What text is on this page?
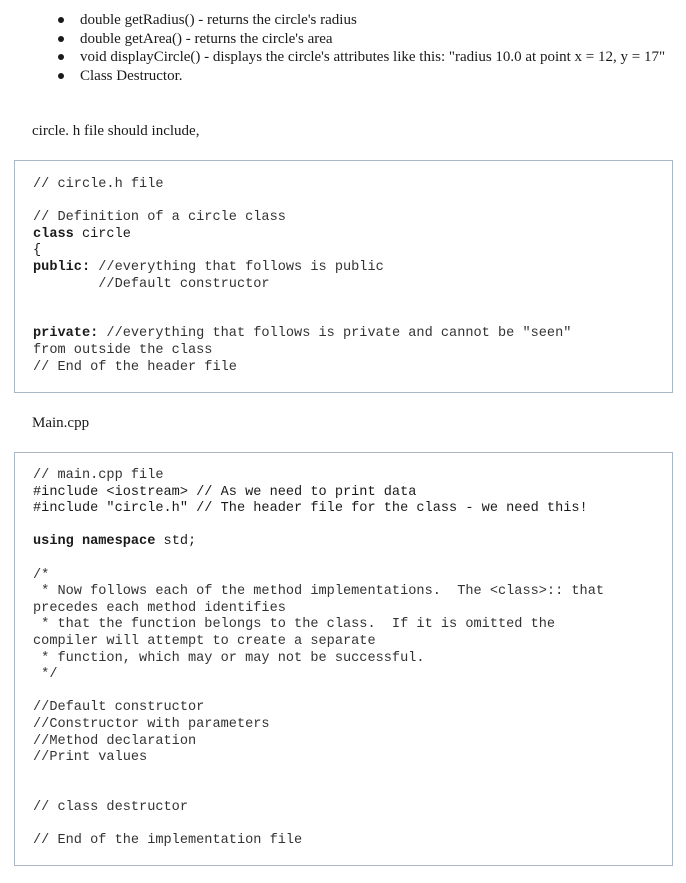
double getRadius() - returns the circle's radius
double getArea() - returns the circle's area
void displayCircle() - displays the circle's attributes like this: "radius 10.0 at point x = 12, y = 17"
Class Destructor.

circle. h file should include,

// circle.h file

// Definition of a circle class
class circle
{
public: //everything that follows is public
//Default constructor

private: //everything that follows is private and cannot be "seen"
from outside the class
// End of the header file

Main.cpp

// main.cpp file
#include <iostream> // As we need to print data
#include "circle.h" // The header file for the class - we need this!

using namespace std;

/*
* Now follows each of the method implementations.  The <class>:: that
precedes each method identifies
* that the function belongs to the class.  If it is omitted the
compiler will attempt to create a separate
* function, which may or may not be successful.
*/

//Default constructor
//Constructor with parameters
//Method declaration
//Print values

// class destructor

// End of the implementation file
